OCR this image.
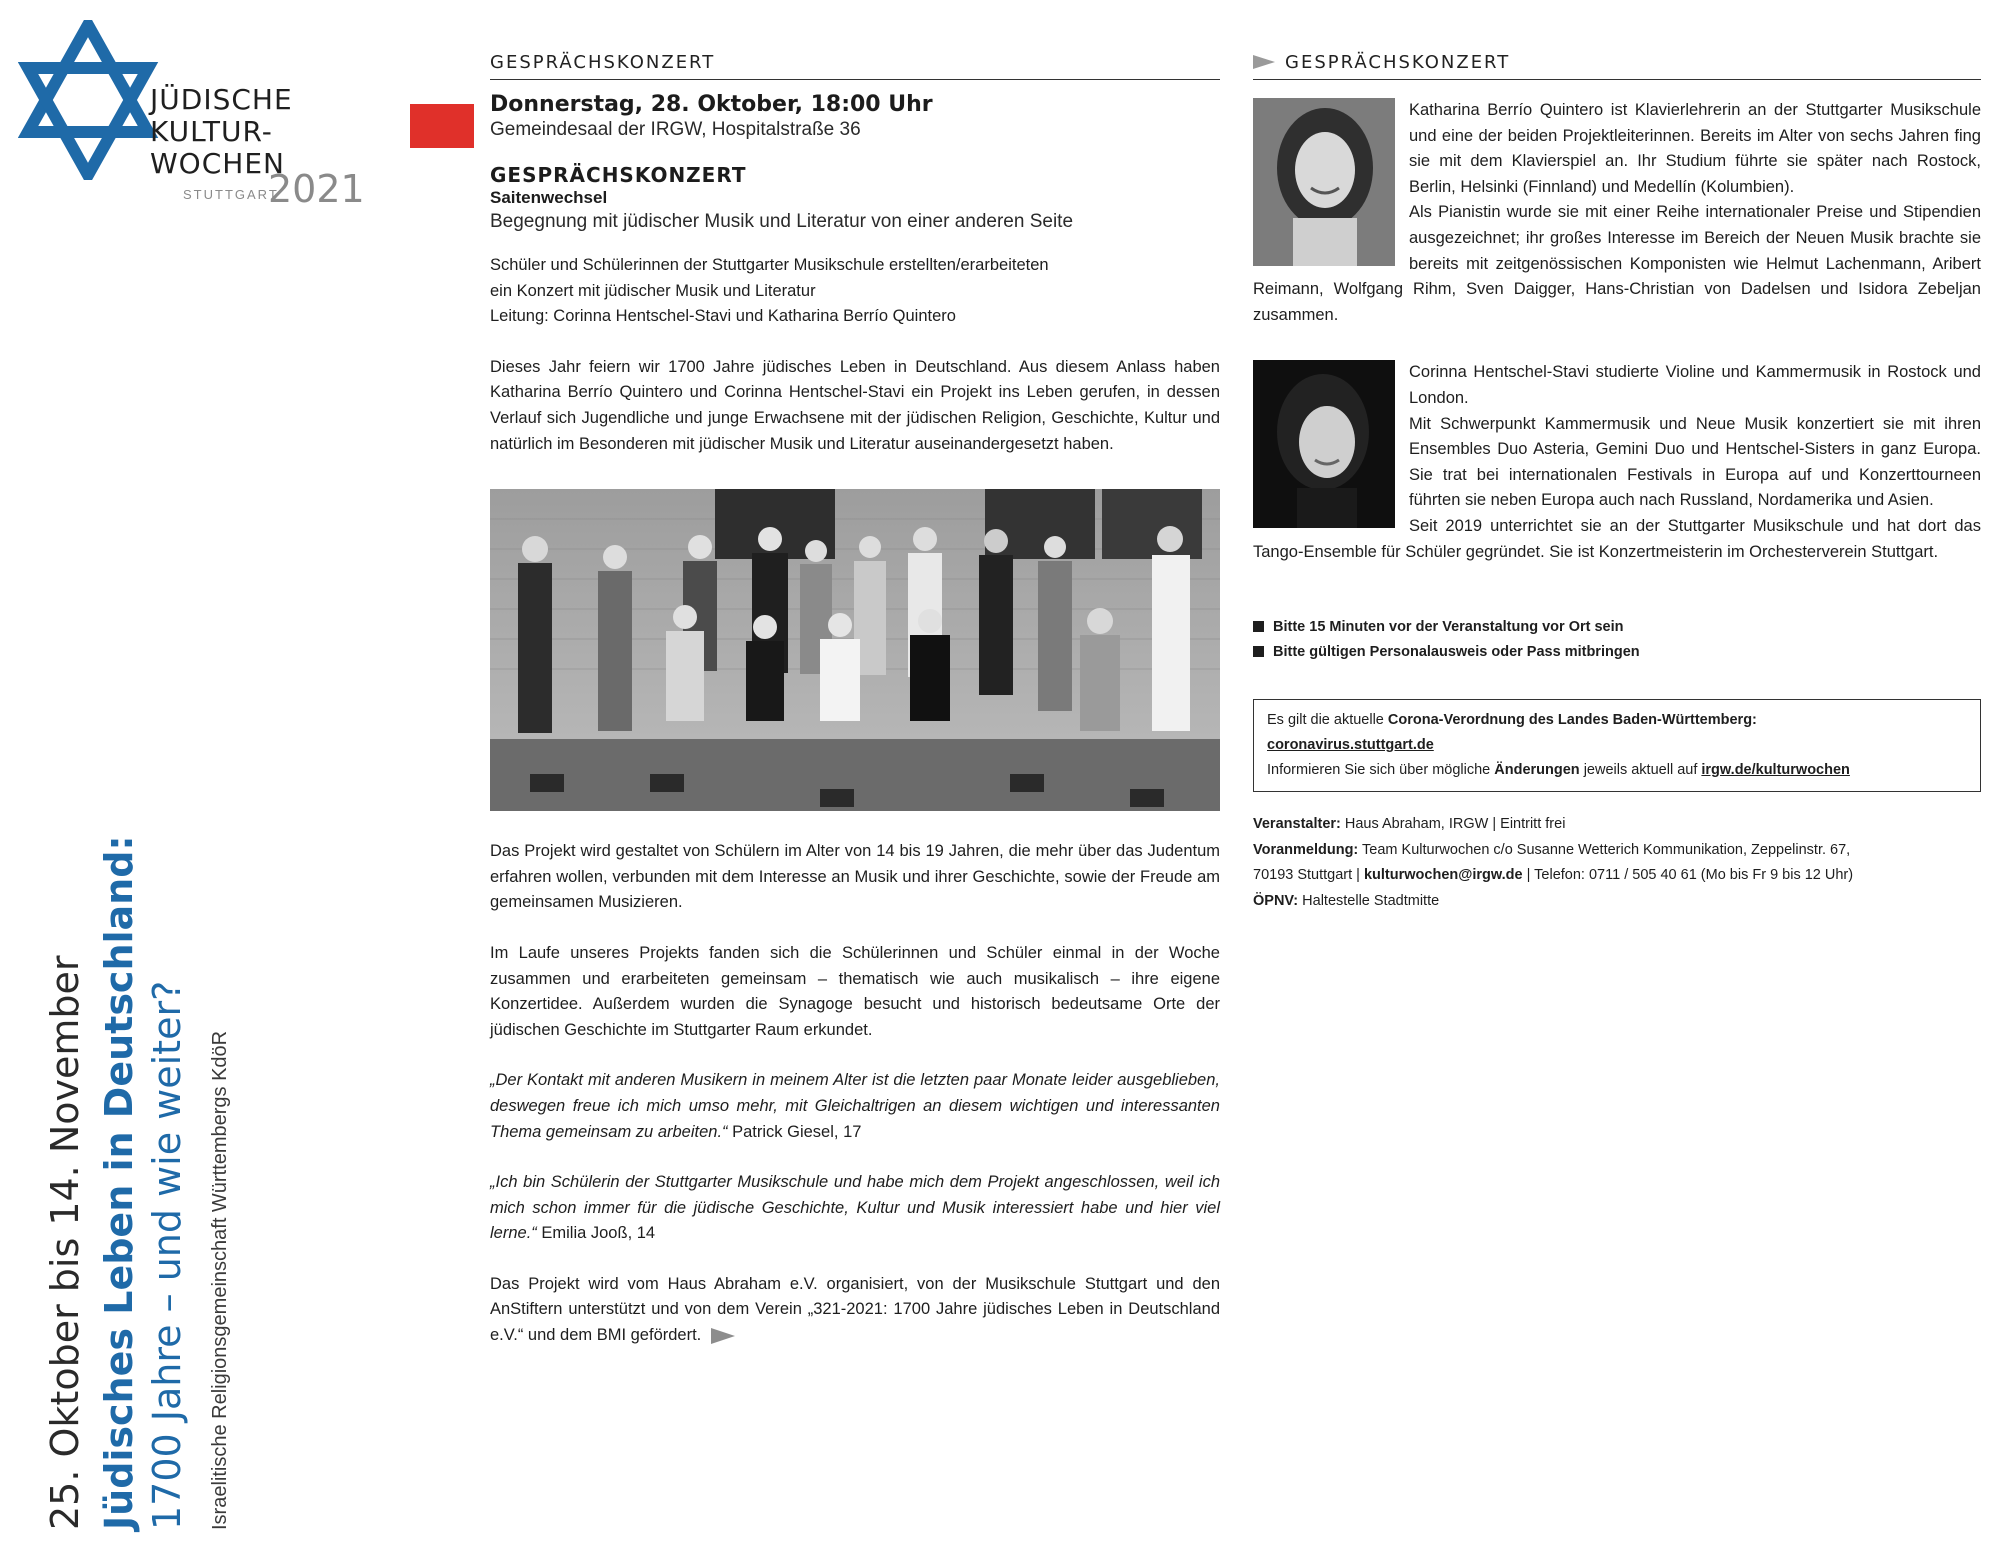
JÜDISCHE
KULTUR-
WOCHEN
STUTTGART
2021
25. Oktober bis 14. November Jüdisches Leben in Deutschland: 1700 Jahre – und wie weiter? Israelitische Religionsgemeinschaft Württembergs KdöR
GESPRÄCHSKONZERT
Donnerstag, 28. Oktober, 18:00 Uhr
Gemeindesaal der IRGW, Hospitalstraße 36
GESPRÄCHSKONZERT
Saitenwechsel
Begegnung mit jüdischer Musik und Literatur von einer anderen Seite
Schüler und Schülerinnen der Stuttgarter Musikschule erstellten/erarbeiteten
ein Konzert mit jüdischer Musik und Literatur
Leitung: Corinna Hentschel-Stavi und Katharina Berrío Quintero
Dieses Jahr feiern wir 1700 Jahre jüdisches Leben in Deutschland. Aus diesem Anlass haben Katharina Berrío Quintero und Corinna Hentschel-Stavi ein Projekt ins Leben gerufen, in dessen Verlauf sich Jugendliche und junge Erwachsene mit der jüdischen Religion, Geschichte, Kultur und natürlich im Besonderen mit jüdischer Musik und Literatur auseinandergesetzt haben.
Das Projekt wird gestaltet von Schülern im Alter von 14 bis 19 Jahren, die mehr über das Judentum erfahren wollen, verbunden mit dem Interesse an Musik und ihrer Geschichte, sowie der Freude am gemeinsamen Musizieren.
Im Laufe unseres Projekts fanden sich die Schülerinnen und Schüler einmal in der Woche zusammen und erarbeiteten gemeinsam – thematisch wie auch musikalisch – ihre eigene Konzertidee. Außerdem wurden die Synagoge besucht und historisch bedeutsame Orte der jüdischen Geschichte im Stuttgarter Raum erkundet.
„Der Kontakt mit anderen Musikern in meinem Alter ist die letzten paar Monate leider ausgeblieben, deswegen freue ich mich umso mehr, mit Gleichaltrigen an diesem wichtigen und interessanten Thema gemeinsam zu arbeiten.“ Patrick Giesel, 17
„Ich bin Schülerin der Stuttgarter Musikschule und habe mich dem Projekt angeschlossen, weil ich mich schon immer für die jüdische Geschichte, Kultur und Musik interessiert habe und hier viel lerne.“ Emilia Jooß, 14
Das Projekt wird vom Haus Abraham e.V. organisiert, von der Musikschule Stuttgart und den AnStiftern unterstützt und von dem Verein „321-2021: 1700 Jahre jüdisches Leben in Deutschland e.V.“ und dem BMI gefördert.
GESPRÄCHSKONZERT
Katharina Berrío Quintero ist Klavierlehrerin an der Stuttgarter Musikschule und eine der beiden Projektleiterinnen. Bereits im Alter von sechs Jahren fing sie mit dem Klavierspiel an. Ihr Studium führte sie später nach Rostock, Berlin, Helsinki (Finnland) und Medellín (Kolumbien).
Als Pianistin wurde sie mit einer Reihe internationaler Preise und Stipendien ausgezeichnet; ihr großes Interesse im Bereich der Neuen Musik brachte sie bereits mit zeitgenössischen Komponisten wie Helmut Lachenmann, Aribert Reimann, Wolfgang Rihm, Sven Daigger, Hans-Christian von Dadelsen und Isidora Zebeljan zusammen.
Corinna Hentschel-Stavi studierte Violine und Kammermusik in Rostock und London.
Mit Schwerpunkt Kammermusik und Neue Musik konzertiert sie mit ihren Ensembles Duo Asteria, Gemini Duo und Hentschel-Sisters in ganz Europa. Sie trat bei internationalen Festivals in Europa auf und Konzerttourneen führten sie neben Europa auch nach Russland, Nordamerika und Asien.
Seit 2019 unterrichtet sie an der Stuttgarter Musikschule und hat dort das Tango-Ensemble für Schüler gegründet. Sie ist Konzertmeisterin im Orchesterverein Stuttgart.
Bitte 15 Minuten vor der Veranstaltung vor Ort sein
Bitte gültigen Personalausweis oder Pass mitbringen
Es gilt die aktuelle Corona-Verordnung des Landes Baden-Württemberg:
coronavirus.stuttgart.de
Informieren Sie sich über mögliche Änderungen jeweils aktuell auf irgw.de/kulturwochen
Veranstalter: Haus Abraham, IRGW | Eintritt frei
Voranmeldung: Team Kulturwochen c/o Susanne Wetterich Kommunikation, Zeppelinstr. 67,
70193 Stuttgart | kulturwochen@irgw.de | Telefon: 0711 / 505 40 61 (Mo bis Fr 9 bis 12 Uhr)
ÖPNV: Haltestelle Stadtmitte
